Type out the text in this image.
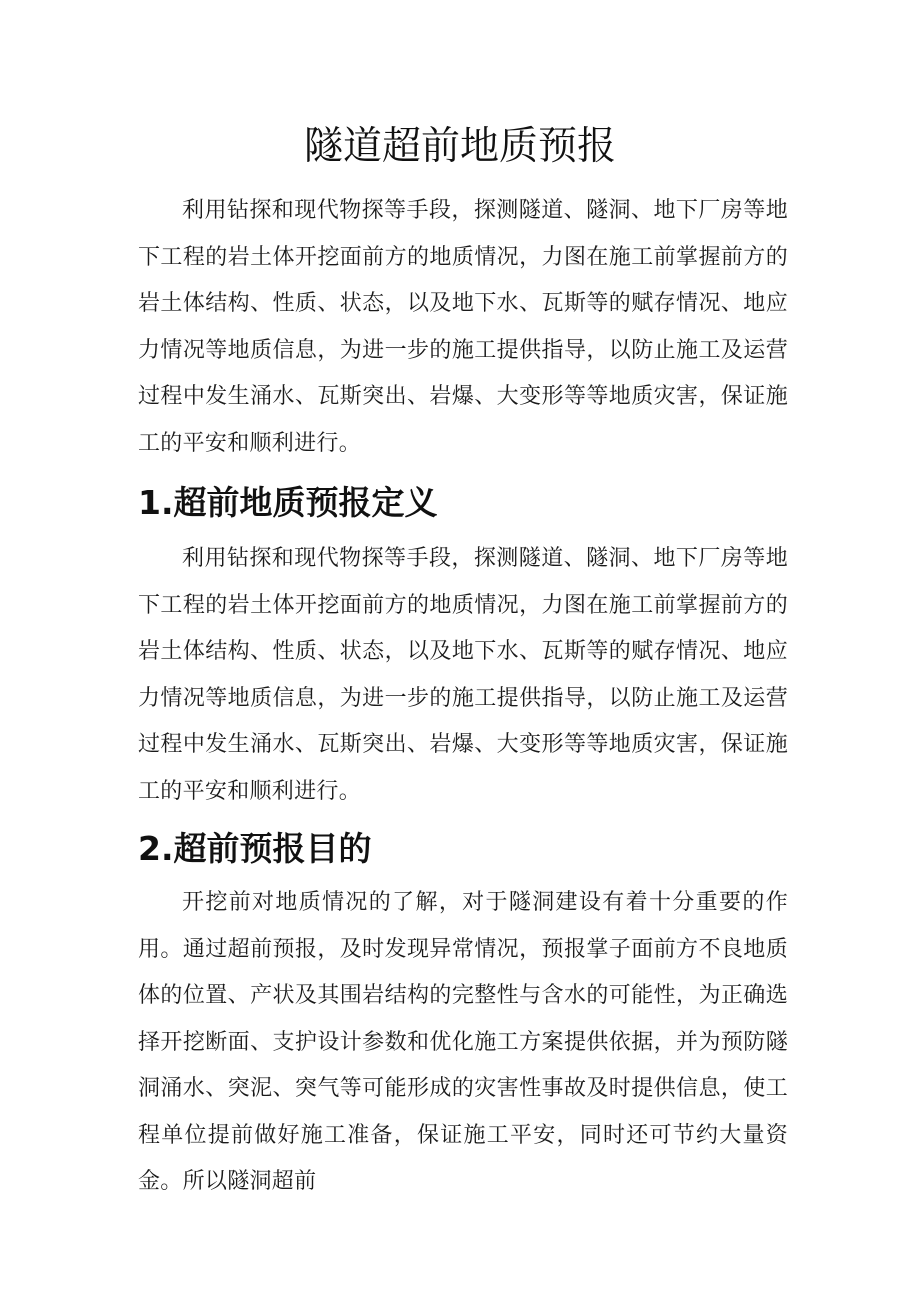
隧道超前地质预报

利用钻探和现代物探等手段，探测隧道、隧洞、地下厂房等地下工程的岩土体开挖面前方的地质情况，力图在施工前掌握前方的岩土体结构、性质、状态，以及地下水、瓦斯等的赋存情况、地应力情况等地质信息，为进一步的施工提供指导，以防止施工及运营过程中发生涌水、瓦斯突出、岩爆、大变形等等地质灾害，保证施工的平安和顺利进行。

1.超前地质预报定义

利用钻探和现代物探等手段，探测隧道、隧洞、地下厂房等地下工程的岩土体开挖面前方的地质情况，力图在施工前掌握前方的岩土体结构、性质、状态，以及地下水、瓦斯等的赋存情况、地应力情况等地质信息，为进一步的施工提供指导，以防止施工及运营过程中发生涌水、瓦斯突出、岩爆、大变形等等地质灾害，保证施工的平安和顺利进行。

2.超前预报目的

开挖前对地质情况的了解，对于隧洞建设有着十分重要的作用。通过超前预报，及时发现异常情况，预报掌子面前方不良地质体的位置、产状及其围岩结构的完整性与含水的可能性，为正确选择开挖断面、支护设计参数和优化施工方案提供依据，并为预防隧洞涌水、突泥、突气等可能形成的灾害性事故及时提供信息，使工程单位提前做好施工准备，保证施工平安，同时还可节约大量资金。所以隧洞超前
